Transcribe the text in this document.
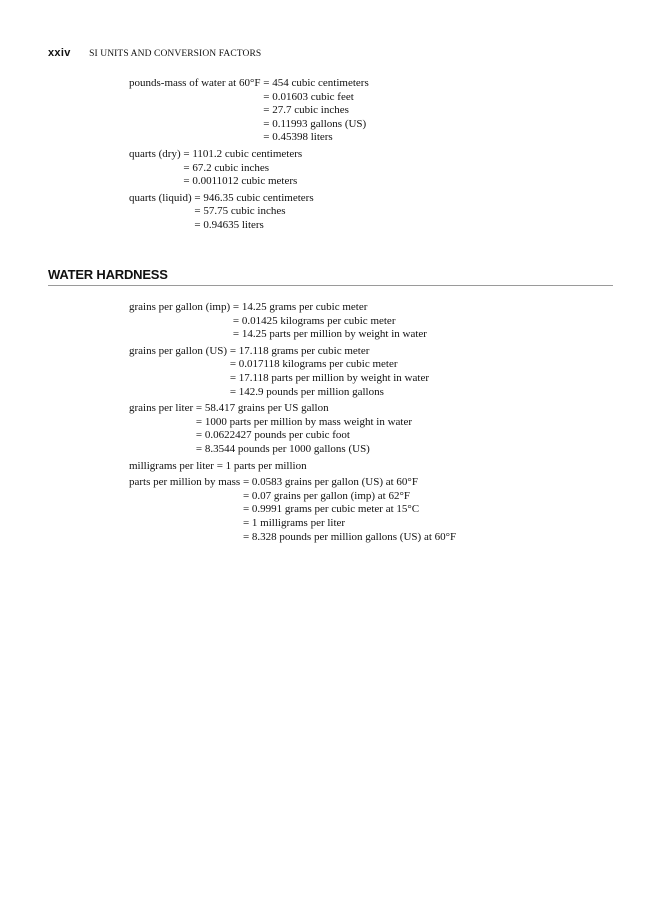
xxiv SI UNITS AND CONVERSION FACTORS
pounds-mass of water at 60°F = 454 cubic centimeters
= 0.01603 cubic feet
= 27.7 cubic inches
= 0.11993 gallons (US)
= 0.45398 liters
quarts (dry) = 1101.2 cubic centimeters
= 67.2 cubic inches
= 0.0011012 cubic meters
quarts (liquid) = 946.35 cubic centimeters
= 57.75 cubic inches
= 0.94635 liters
WATER HARDNESS
grains per gallon (imp) = 14.25 grams per cubic meter
= 0.01425 kilograms per cubic meter
= 14.25 parts per million by weight in water
grains per gallon (US) = 17.118 grams per cubic meter
= 0.017118 kilograms per cubic meter
= 17.118 parts per million by weight in water
= 142.9 pounds per million gallons
grains per liter = 58.417 grains per US gallon
= 1000 parts per million by mass weight in water
= 0.0622427 pounds per cubic foot
= 8.3544 pounds per 1000 gallons (US)
milligrams per liter = 1 parts per million
parts per million by mass = 0.0583 grains per gallon (US) at 60°F
= 0.07 grains per gallon (imp) at 62°F
= 0.9991 grams per cubic meter at 15°C
= 1 milligrams per liter
= 8.328 pounds per million gallons (US) at 60°F
